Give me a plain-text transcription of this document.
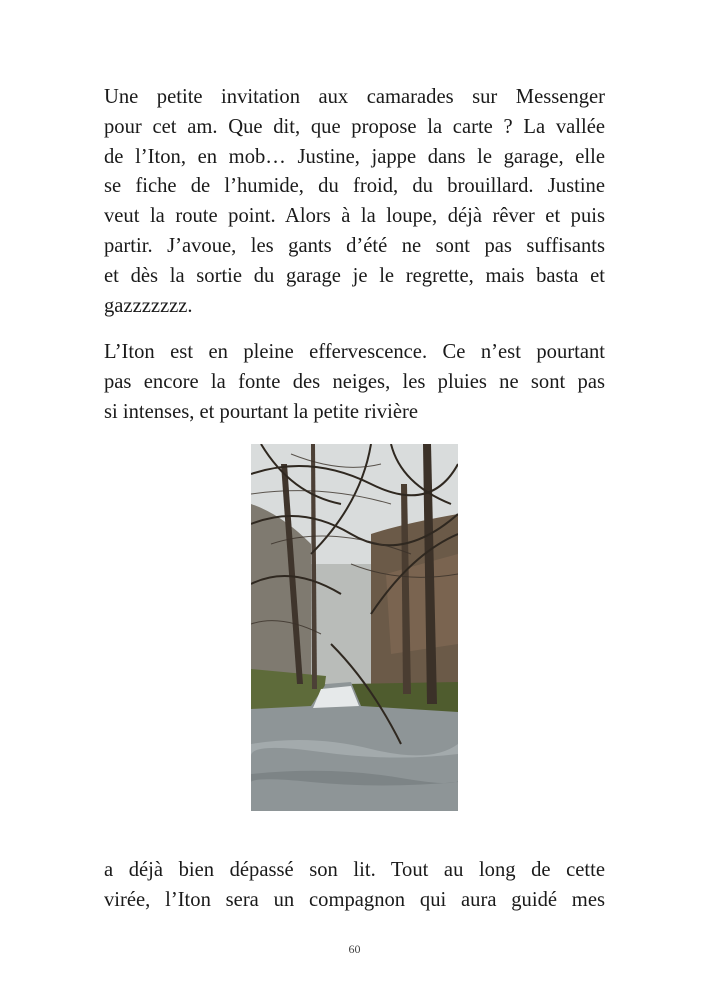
Une petite invitation aux camarades sur Messenger
pour cet am. Que dit, que propose la carte ? La vallée
de l’Iton, en mob… Justine, jappe dans le garage, elle
se fiche de l’humide, du froid, du brouillard. Justine
veut la route point. Alors à la loupe, déjà rêver et puis
partir. J’avoue, les gants d’été ne sont pas suffisants
et dès la sortie du garage je le regrette, mais basta et
gazzzzzzz.

L’Iton est en pleine effervescence. Ce n’est pourtant
pas encore la fonte des neiges, les pluies ne sont pas
si intenses, et pourtant la petite rivière

a déjà bien dépassé son lit. Tout au long de cette
virée, l’Iton sera un compagnon qui aura guidé mes

60
